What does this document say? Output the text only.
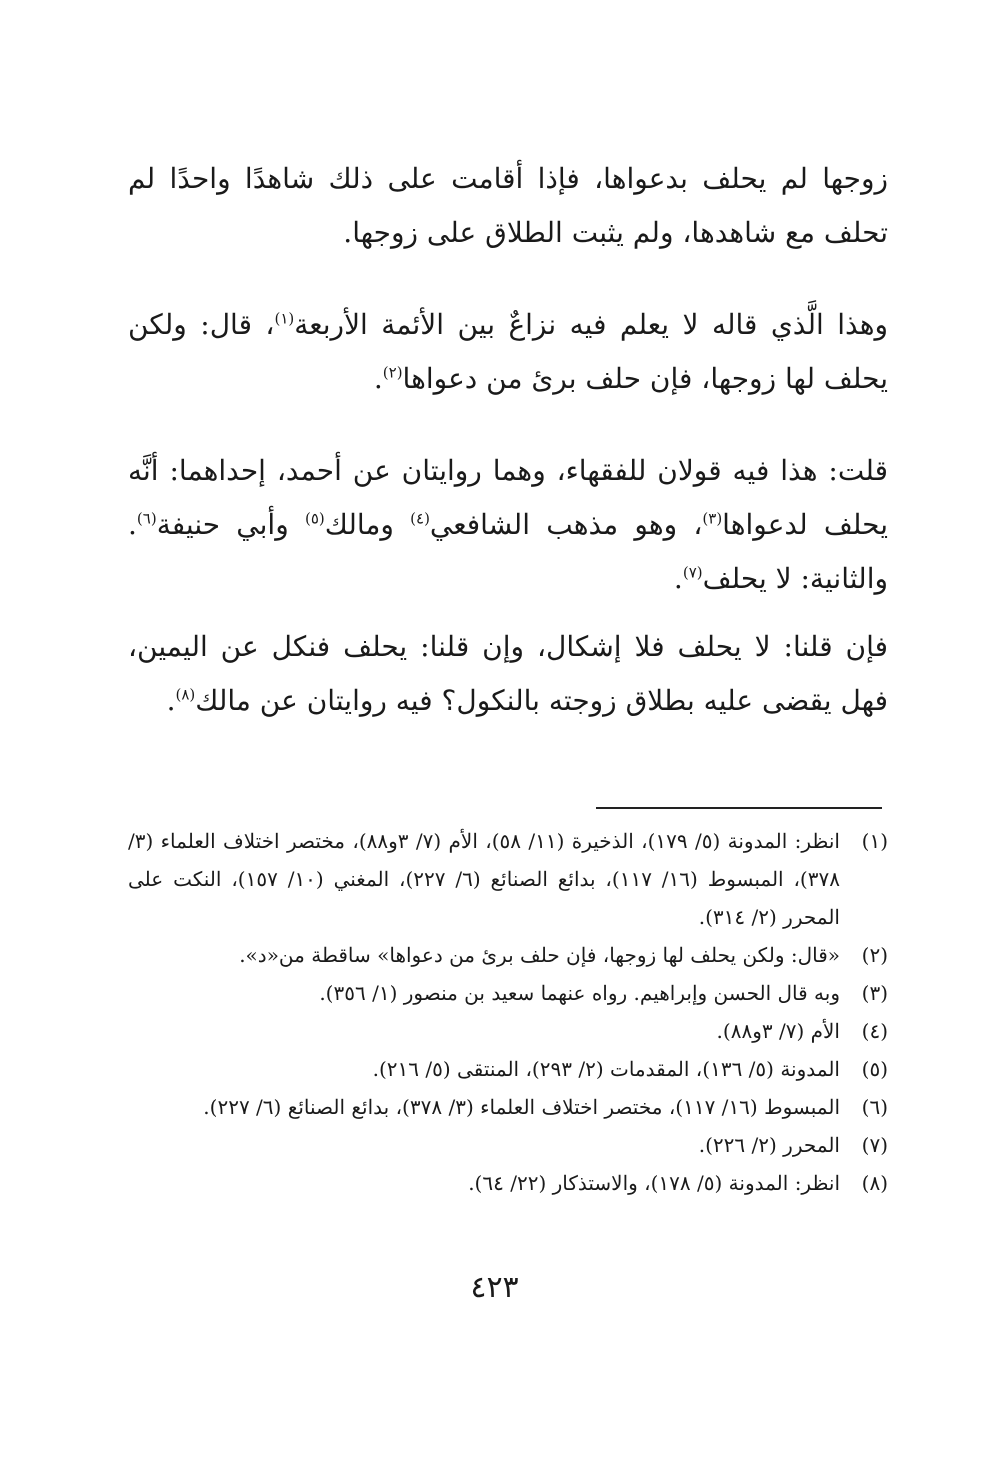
زوجها لم يحلف بدعواها، فإذا أقامت على ذلك شاهدًا واحدًا لم تحلف مع شاهدها، ولم يثبت الطلاق على زوجها.
وهذا الَّذي قاله لا يعلم فيه نزاعٌ بين الأئمة الأربعة$^{(١)}$، قال: ولكن يحلف لها زوجها، فإن حلف برئ من دعواها$^{(٢)}$.
قلت: هذا فيه قولان للفقهاء، وهما روايتان عن أحمد، إحداهما: أنَّه يحلف لدعواها$^{(٣)}$، وهو مذهب الشافعي$^{(٤)}$ ومالك$^{(٥)}$ وأبي حنيفة$^{(٦)}$. والثانية: لا يحلف$^{(٧)}$.
فإن قلنا: لا يحلف فلا إشكال، وإن قلنا: يحلف فنكل عن اليمين، فهل يقضى عليه بطلاق زوجته بالنكول؟ فيه روايتان عن مالك$^{(٨)}$.
(١)
انظر: المدونة (٥/ ١٧٩)، الذخيرة (١١/ ٥٨)، الأم (٧/ ٣و٨٨)، مختصر اختلاف العلماء (٣/ ٣٧٨)، المبسوط (١٦/ ١١٧)، بدائع الصنائع (٦/ ٢٢٧)، المغني (١٠/ ١٥٧)، النكت على المحرر (٢/ ٣١٤).
(٢)
«قال: ولكن يحلف لها زوجها، فإن حلف برئ من دعواها» ساقطة من«د».
(٣)
وبه قال الحسن وإبراهيم. رواه عنهما سعيد بن منصور (١/ ٣٥٦).
(٤)
الأم (٧/ ٣و٨٨).
(٥)
المدونة (٥/ ١٣٦)، المقدمات (٢/ ٢٩٣)، المنتقى (٥/ ٢١٦).
(٦)
المبسوط (١٦/ ١١٧)، مختصر اختلاف العلماء (٣/ ٣٧٨)، بدائع الصنائع (٦/ ٢٢٧).
(٧)
المحرر (٢/ ٢٢٦).
(٨)
انظر: المدونة (٥/ ١٧٨)، والاستذكار (٢٢/ ٦٤).
٤٢٣
